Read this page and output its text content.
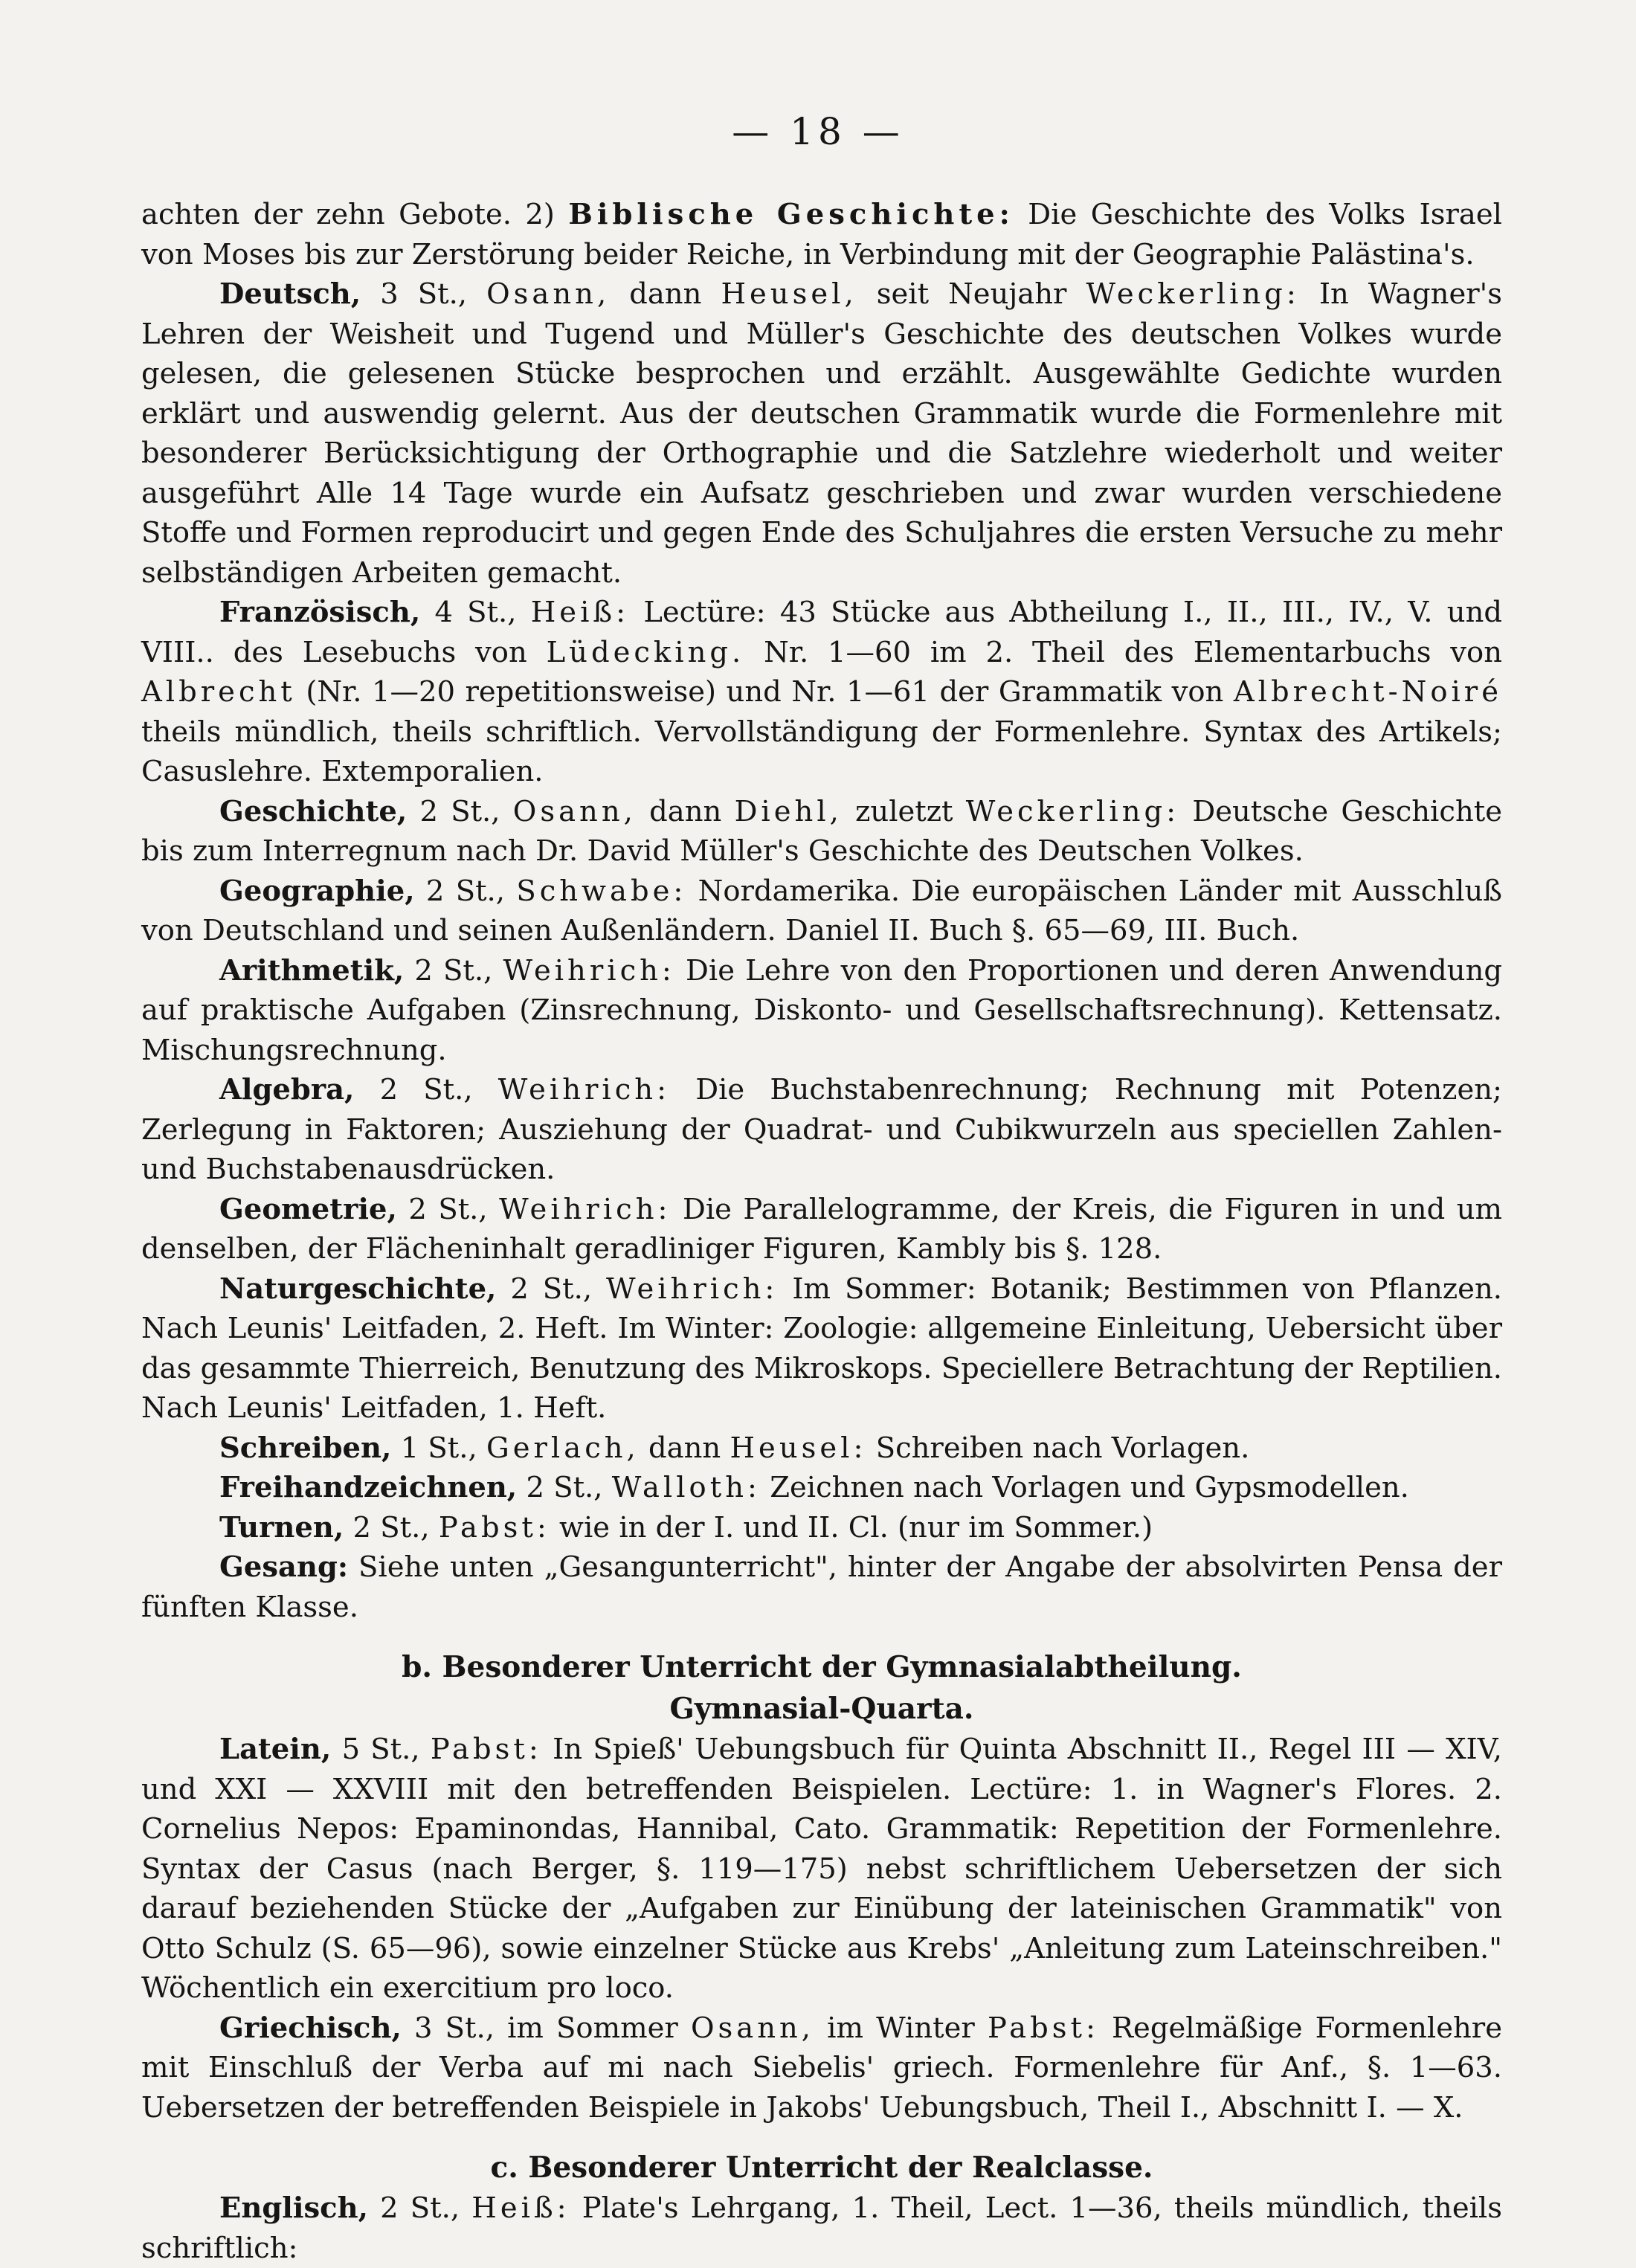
— 18 —

achten der zehn Gebote. 2) Biblische Geschichte: Die Geschichte des Volks Israel von Moses bis zur Zerstörung beider Reiche, in Verbindung mit der Geographie Palästina's.

Deutsch, 3 St., Osann, dann Heusel, seit Neujahr Weckerling: In Wagner's Lehren der Weisheit und Tugend und Müller's Geschichte des deutschen Volkes wurde gelesen, die gelesenen Stücke besprochen und erzählt. Ausgewählte Gedichte wurden erklärt und auswendig gelernt. Aus der deutschen Grammatik wurde die Formenlehre mit besonderer Berücksichtigung der Orthographie und die Satzlehre wiederholt und weiter ausgeführt Alle 14 Tage wurde ein Aufsatz geschrieben und zwar wurden verschiedene Stoffe und Formen reproducirt und gegen Ende des Schuljahres die ersten Versuche zu mehr selbständigen Arbeiten gemacht.

Französisch, 4 St., Heiß: Lectüre: 43 Stücke aus Abtheilung I., II., III., IV., V. und VIII.. des Lesebuchs von Lüdecking. Nr. 1—60 im 2. Theil des Elementarbuchs von Albrecht (Nr. 1—20 repetitionsweise) und Nr. 1—61 der Grammatik von Albrecht-Noiré theils mündlich, theils schriftlich. Vervollständigung der Formenlehre. Syntax des Artikels; Casuslehre. Extemporalien.

Geschichte, 2 St., Osann, dann Diehl, zuletzt Weckerling: Deutsche Geschichte bis zum Interregnum nach Dr. David Müller's Geschichte des Deutschen Volkes.

Geographie, 2 St., Schwabe: Nordamerika. Die europäischen Länder mit Ausschluß von Deutschland und seinen Außenländern. Daniel II. Buch §. 65—69, III. Buch.

Arithmetik, 2 St., Weihrich: Die Lehre von den Proportionen und deren Anwendung auf praktische Aufgaben (Zinsrechnung, Diskonto- und Gesellschaftsrechnung). Kettensatz. Mischungsrechnung.

Algebra, 2 St., Weihrich: Die Buchstabenrechnung; Rechnung mit Potenzen; Zerlegung in Faktoren; Ausziehung der Quadrat- und Cubikwurzeln aus speciellen Zahlen- und Buchstabenausdrücken.

Geometrie, 2 St., Weihrich: Die Parallelogramme, der Kreis, die Figuren in und um denselben, der Flächeninhalt geradliniger Figuren, Kambly bis §. 128.

Naturgeschichte, 2 St., Weihrich: Im Sommer: Botanik; Bestimmen von Pflanzen. Nach Leunis' Leitfaden, 2. Heft. Im Winter: Zoologie: allgemeine Einleitung, Uebersicht über das gesammte Thierreich, Benutzung des Mikroskops. Speciellere Betrachtung der Reptilien. Nach Leunis' Leitfaden, 1. Heft.

Schreiben, 1 St., Gerlach, dann Heusel: Schreiben nach Vorlagen.

Freihandzeichnen, 2 St., Walloth: Zeichnen nach Vorlagen und Gypsmodellen.

Turnen, 2 St., Pabst: wie in der I. und II. Cl. (nur im Sommer.)

Gesang: Siehe unten „Gesangunterricht", hinter der Angabe der absolvirten Pensa der fünften Klasse.

b. Besonderer Unterricht der Gymnasialabtheilung.

Gymnasial-Quarta.

Latein, 5 St., Pabst: In Spieß' Uebungsbuch für Quinta Abschnitt II., Regel III — XIV, und XXI — XXVIII mit den betreffenden Beispielen. Lectüre: 1. in Wagner's Flores. 2. Cornelius Nepos: Epaminondas, Hannibal, Cato. Grammatik: Repetition der Formenlehre. Syntax der Casus (nach Berger, §. 119—175) nebst schriftlichem Uebersetzen der sich darauf beziehenden Stücke der „Aufgaben zur Einübung der lateinischen Grammatik" von Otto Schulz (S. 65—96), sowie einzelner Stücke aus Krebs' „Anleitung zum Lateinschreiben." Wöchentlich ein exercitium pro loco.

Griechisch, 3 St., im Sommer Osann, im Winter Pabst: Regelmäßige Formenlehre mit Einschluß der Verba auf mi nach Siebelis' griech. Formenlehre für Anf., §. 1—63. Uebersetzen der betreffenden Beispiele in Jakobs' Uebungsbuch, Theil I., Abschnitt I. — X.

c. Besonderer Unterricht der Realclasse.

Englisch, 2 St., Heiß: Plate's Lehrgang, 1. Theil, Lect. 1—36, theils mündlich, theils schriftlich:
